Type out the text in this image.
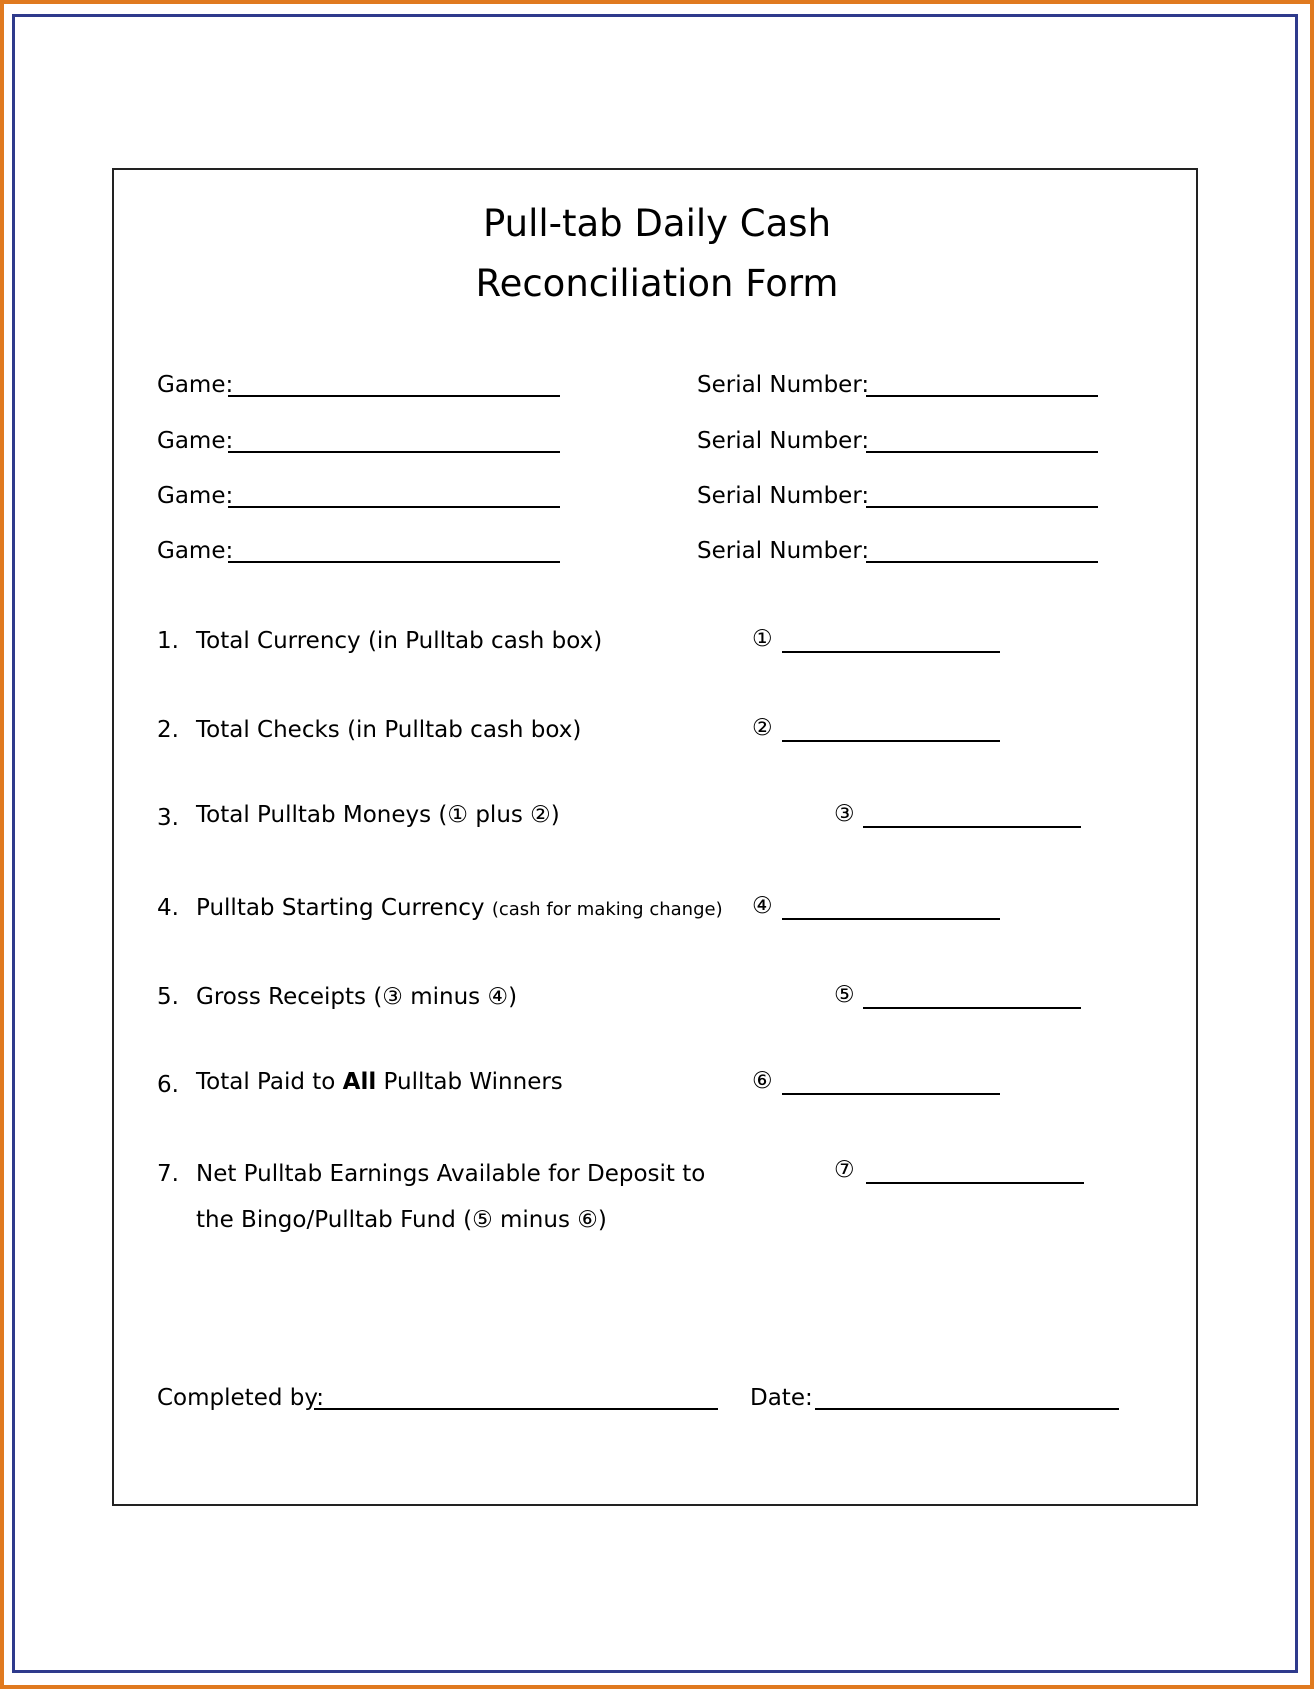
Pull-tab Daily Cash
Reconciliation Form
Game:	Serial Number:
Game:	Serial Number:
Game:	Serial Number:
Game:	Serial Number:
1. Total Currency (in Pulltab cash box)	①
2. Total Checks (in Pulltab cash box)	②
3. Total Pulltab Moneys (① plus ②)	③
4. Pulltab Starting Currency (cash for making change) ④
5. Gross Receipts (③ minus ④)	⑤
6. Total Paid to All Pulltab Winners	⑥
7. Net Pulltab Earnings Available for Deposit to
the Bingo/Pulltab Fund (⑤ minus ⑥)
⑦
Completed by:	Date:
